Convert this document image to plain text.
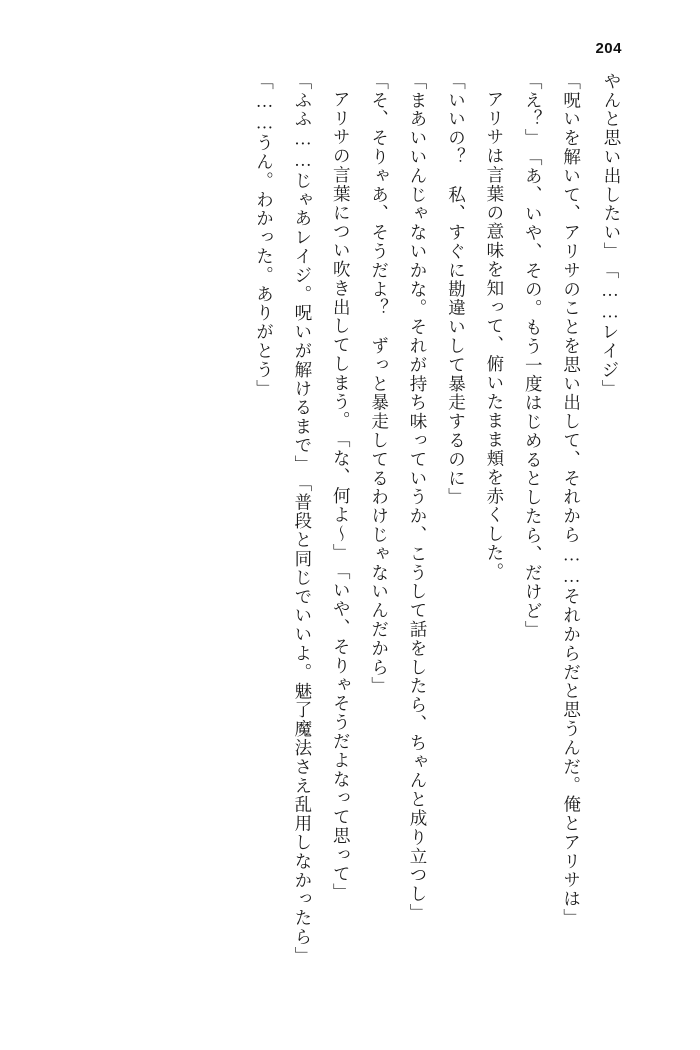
204

やんと思い出したい」

「……レイジ」

「呪いを解いて、アリサのことを思い出して、それから……それからだと思うんだ。俺とアリサは」

「え？」

「あ、いや、その。もう一度はじめるとしたら、だけど」

アリサは言葉の意味を知って、俯いたまま頬を赤くした。

「いいの？　私、すぐに勘違いして暴走するのに」

「まあいいんじゃないかな。それが持ち味っていうか、こうして話をしたら、ちゃんと成り立つし」

「そ、そりゃあ、そうだよ？　ずっと暴走してるわけじゃないんだから」

アリサの言葉につい吹き出してしまう。

「な、何よ〜」

「いや、そりゃそうだよなって思って」

「ふふ……じゃあレイジ。呪いが解けるまで」

「普段と同じでいいよ。魅了魔法さえ乱用しなかったら」

「……うん。わかった。ありがとう」
